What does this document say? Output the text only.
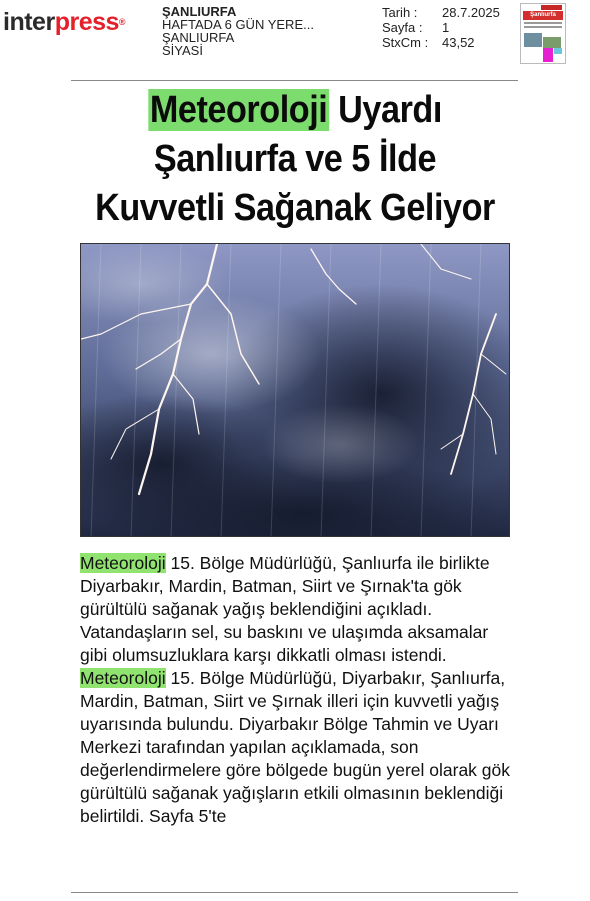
interpress®
ŞANLIURFA
HAFTADA 6 GÜN YERE...
ŞANLIURFA
SİYASİ
Tarih :	28.7.2025
Sayfa :	1
StxCm :	43,52
Şanlıurfa
Meteoroloji Uyardı
Şanlıurfa ve 5 İlde
Kuvvetli Sağanak Geliyor

Meteoroloji 15. Bölge Müdürlüğü, Şanlıurfa ile birlikte Diyarbakır, Mardin, Batman, Siirt ve Şırnak'ta gök gürültülü sağanak yağış beklendiğini açıkladı. Vatandaşların sel, su baskını ve ulaşımda aksamalar gibi olumsuzluklara karşı dikkatli olması istendi.

Meteoroloji 15. Bölge Müdürlüğü, Diyarbakır, Şanlıurfa, Mardin, Batman, Siirt ve Şırnak illeri için kuvvetli yağış uyarısında bulundu. Diyarbakır Bölge Tahmin ve Uyarı Merkezi tarafından yapılan açıklamada, son değerlendirmelere göre bölgede bugün yerel olarak gök gürültülü sağanak yağışların etkili olmasının beklendiği belirtildi. Sayfa 5'te
